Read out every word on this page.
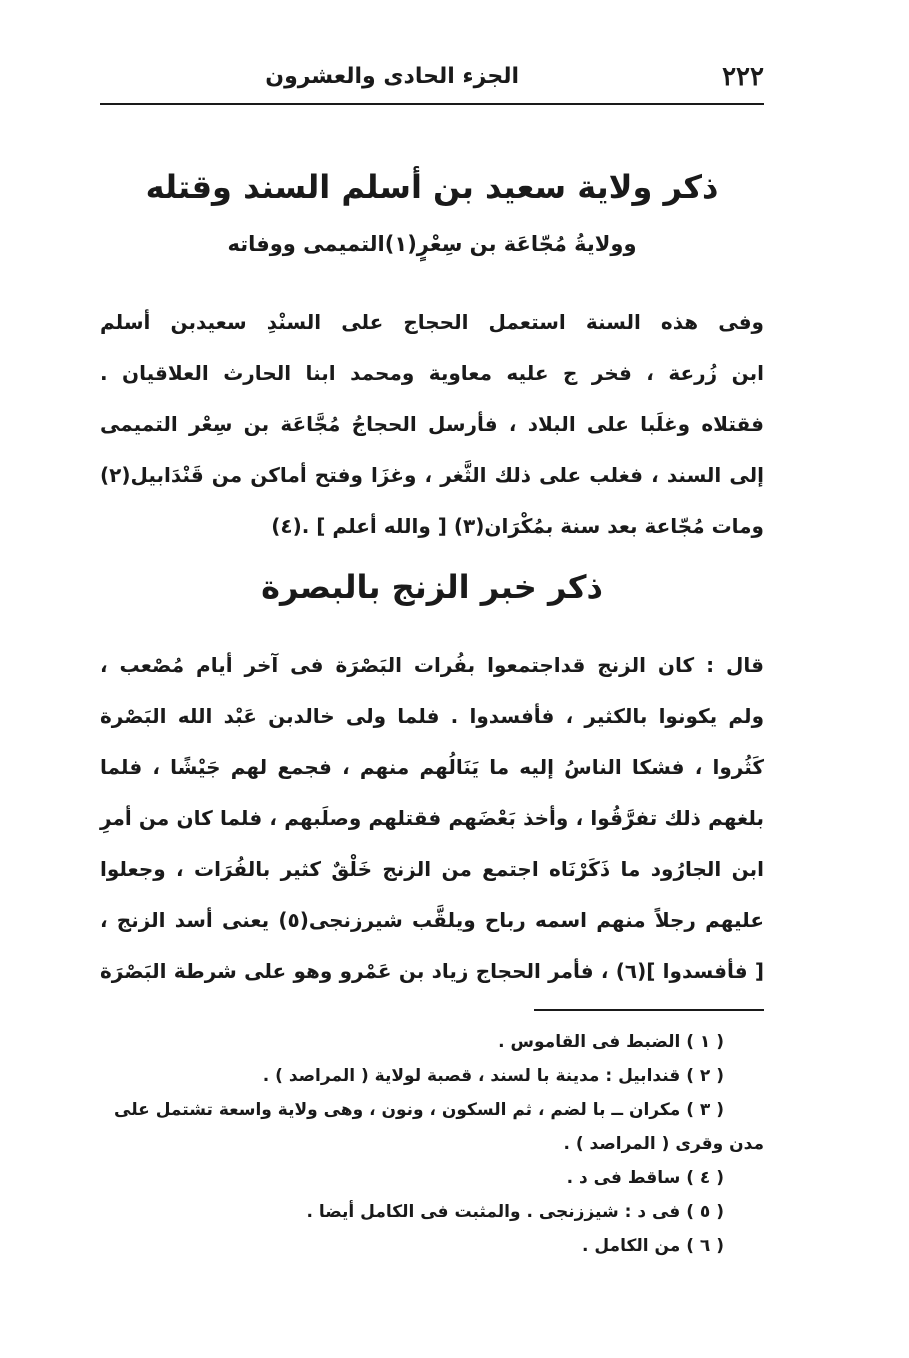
٢٢٢
الجزء الحادى والعشرون
ذكر ولاية سعيد بن أسلم السند وقتله
وولايةُ مُجّاعَة بن سِعْرٍ(١)التميمى ووفاته
وفى هذه السنة استعمل الحجاج على السنْدِ سعيدبن أسلم
ابن زُرعة ، فخر ج عليه معاوية ومحمد ابنا الحارث العلاقيان .
فقتلاه وغلَبا على البلاد ، فأرسل الحجاجُ مُجَّاعَة بن سِعْر التميمى
إلى السند ، فغلب على ذلك الثَّغر ، وغزَا وفتح أماكن من قَنْدَابيل(٢)
ومات مُجّاعة بعد سنة بمُكْرَان(٣) [ والله أعلم ] .(٤)
ذكر خبر الزنج بالبصرة
قال : كان الزنج قداجتمعوا بفُرات البَصْرَة فى آخر أيام مُصْعب ،
ولم يكونوا بالكثير ، فأفسدوا . فلما ولى خالدبن عَبْد الله البَصْرة
كَثُروا ، فشكا الناسُ إليه ما يَنَالُهم منهم ، فجمع لهم جَيْشًا ، فلما
بلغهم ذلك تفرَّقُوا ، وأخذ بَعْضَهم فقتلهم وصلَبهم ، فلما كان من أمرِ
ابن الجارُود ما ذَكَرْنَاه اجتمع من الزنج خَلْقٌ كثير بالفُرَات ، وجعلوا
عليهم رجلاً منهم اسمه رباح ويلقَّب شيرزنجى(٥) يعنى أسد الزنج ،
[ فأفسدوا ](٦) ، فأمر الحجاج زياد بن عَمْرو وهو على شرطة البَصْرَة
( ١ ) الضبط فى القاموس .
( ٢ ) قندابيل : مدينة با لسند ، قصبة لولاية ( المراصد ) .
( ٣ ) مكران ــ با لضم ، ثم السكون ، ونون ، وهى ولاية واسعة تشتمل على
مدن وقرى ( المراصد ) .
( ٤ ) ساقط فى د .
( ٥ ) فى د : شيززنجى . والمثبت فى الكامل أيضا .
( ٦ ) من الكامل .
